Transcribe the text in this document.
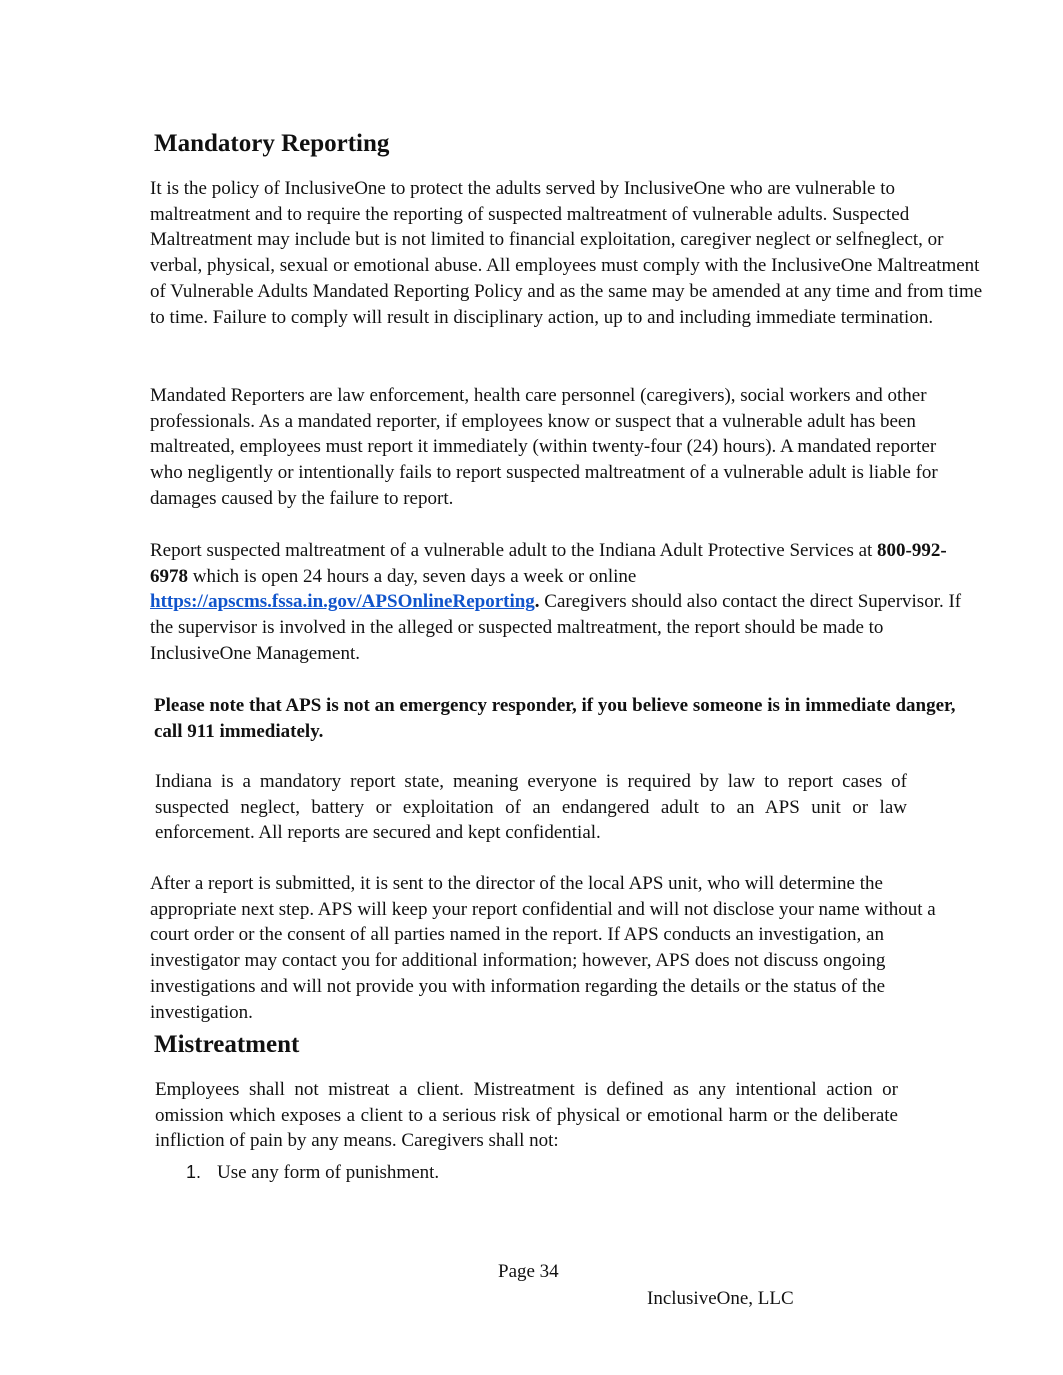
Mandatory Reporting

It is the policy of InclusiveOne to protect the adults served by InclusiveOne who are vulnerable to maltreatment and to require the reporting of suspected maltreatment of vulnerable adults. Suspected Maltreatment may include but is not limited to financial exploitation, caregiver neglect or selfneglect, or verbal, physical, sexual or emotional abuse. All employees must comply with the InclusiveOne Maltreatment of Vulnerable Adults Mandated Reporting Policy and as the same may be amended at any time and from time to time. Failure to comply will result in disciplinary action, up to and including immediate termination.

Mandated Reporters are law enforcement, health care personnel (caregivers), social workers and other professionals. As a mandated reporter, if employees know or suspect that a vulnerable adult has been maltreated, employees must report it immediately (within twenty-four (24) hours). A mandated reporter who negligently or intentionally fails to report suspected maltreatment of a vulnerable adult is liable for damages caused by the failure to report.

Report suspected maltreatment of a vulnerable adult to the Indiana Adult Protective Services at 800-992-6978 which is open 24 hours a day, seven days a week or online https://apscms.fssa.in.gov/APSOnlineReporting. Caregivers should also contact the direct Supervisor. If the supervisor is involved in the alleged or suspected maltreatment, the report should be made to InclusiveOne Management.

Please note that APS is not an emergency responder, if you believe someone is in immediate danger, call 911 immediately.

Indiana is a mandatory report state, meaning everyone is required by law to report cases of suspected neglect, battery or exploitation of an endangered adult to an APS unit or law enforcement. All reports are secured and kept confidential.

After a report is submitted, it is sent to the director of the local APS unit, who will determine the appropriate next step. APS will keep your report confidential and will not disclose your name without a court order or the consent of all parties named in the report. If APS conducts an investigation, an investigator may contact you for additional information; however, APS does not discuss ongoing investigations and will not provide you with information regarding the details or the status of the investigation.

Mistreatment

Employees shall not mistreat a client. Mistreatment is defined as any intentional action or omission which exposes a client to a serious risk of physical or emotional harm or the deliberate infliction of pain by any means. Caregivers shall not:

1. Use any form of punishment.
Page 34
InclusiveOne, LLC
